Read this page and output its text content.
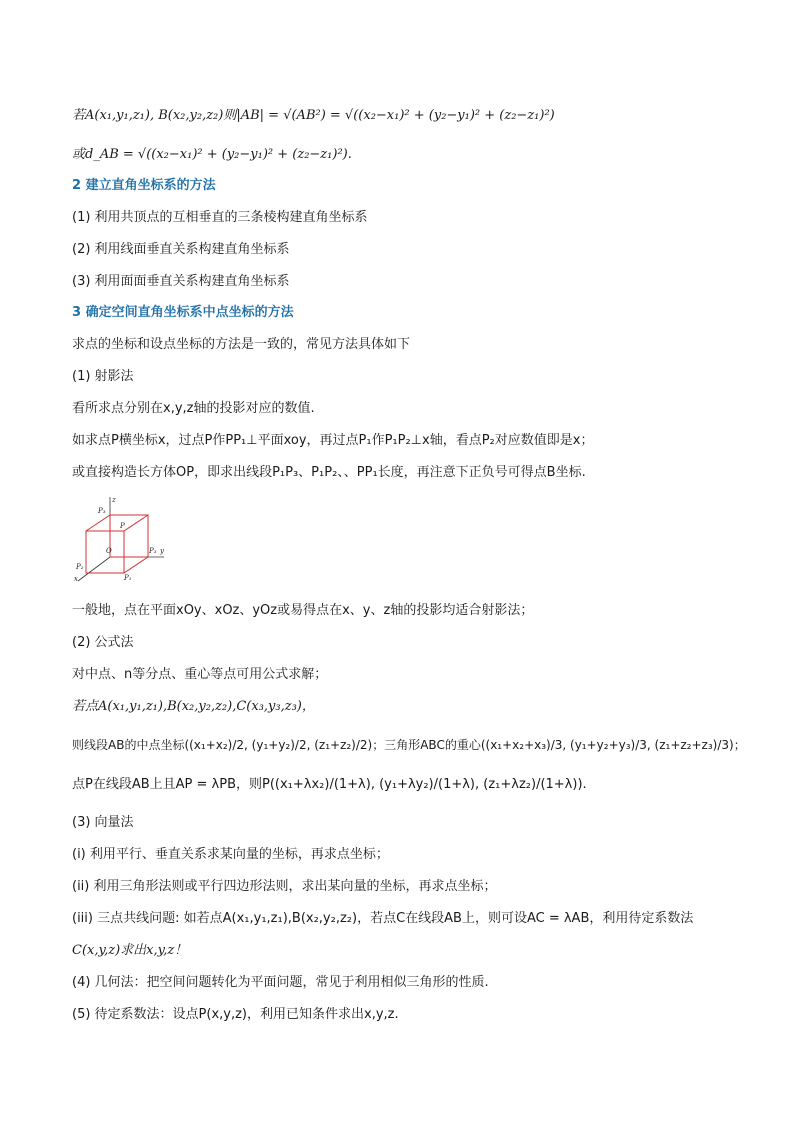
若A(x₁,y₁,z₁), B(x₂,y₂,z₂)则|AB| = √(AB²) = √((x₂−x₁)² + (y₂−y₁)² + (z₂−z₁)²)
或d_AB = √((x₂−x₁)² + (y₂−y₁)² + (z₂−z₁)²).
2 建立直角坐标系的方法
(1) 利用共顶点的互相垂直的三条棱构建直角坐标系
(2) 利用线面垂直关系构建直角坐标系
(3) 利用面面垂直关系构建直角坐标系
3 确定空间直角坐标系中点坐标的方法
求点的坐标和设点坐标的方法是一致的，常见方法具体如下
(1) 射影法
看所求点分别在x,y,z轴的投影对应的数值.
如求点P横坐标x，过点P作PP₁⊥平面xoy，再过点P₁作P₁P₂⊥x轴，看点P₂对应数值即是x；
或直接构造长方体OP，即求出线段P₁P₃、P₁P₂、、PP₁长度，再注意下正负号可得点B坐标.
z
y
x
O
P
P₃
P₃
P₁
P₂
一般地，点在平面xOy、xOz、yOz或易得点在x、y、z轴的投影均适合射影法；
(2) 公式法
对中点、n等分点、重心等点可用公式求解；
若点A(x₁,y₁,z₁),B(x₂,y₂,z₂),C(x₃,y₃,z₃)，
则线段AB的中点坐标((x₁+x₂)/2, (y₁+y₂)/2, (z₁+z₂)/2)；三角形ABC的重心((x₁+x₂+x₃)/3, (y₁+y₂+y₃)/3, (z₁+z₂+z₃)/3)；
点P在线段AB上且AP = λPB，则P((x₁+λx₂)/(1+λ), (y₁+λy₂)/(1+λ), (z₁+λz₂)/(1+λ)).
(3) 向量法
(i) 利用平行、垂直关系求某向量的坐标，再求点坐标；
(ii) 利用三角形法则或平行四边形法则，求出某向量的坐标，再求点坐标；
(iii) 三点共线问题: 如若点A(x₁,y₁,z₁),B(x₂,y₂,z₂)，若点C在线段AB上，则可设AC = λAB，利用待定系数法
C(x,y,z)求出x,y,z！
(4) 几何法：把空间问题转化为平面问题，常见于利用相似三角形的性质.
(5) 待定系数法：设点P(x,y,z)，利用已知条件求出x,y,z.
